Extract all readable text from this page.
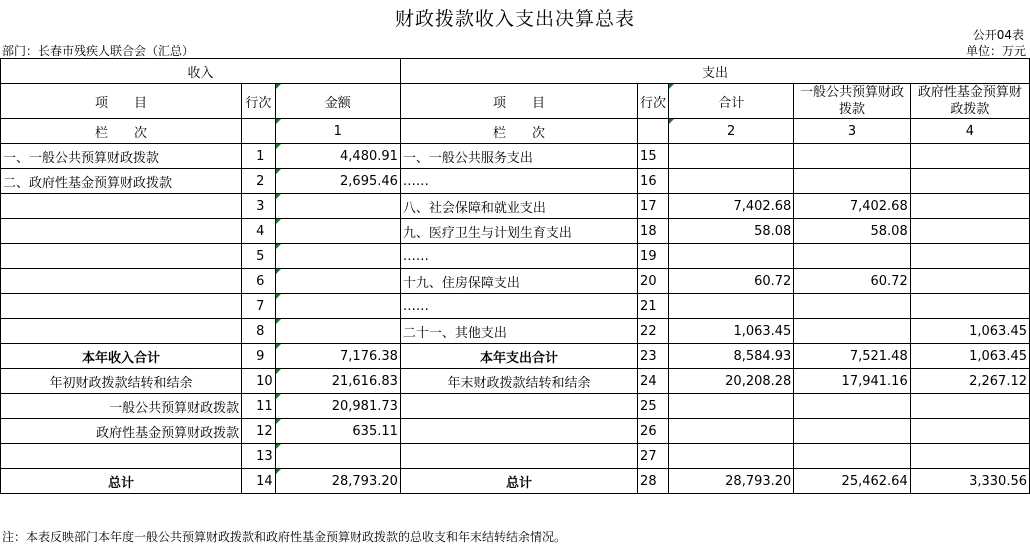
财政拨款收入支出决算总表
公开04表
部门：长春市残疾人联合会（汇总）	单位：万元
收入			支出				
项　　目	行次	金额	项　　目	行次	合计	一般公共预算财政拨款	政府性基金预算财政拨款
栏　　次		1	栏　　次		2	3	4
一、一般公共预算财政拨款	1	4,480.91	一、一般公共服务支出	15			
二、政府性基金预算财政拨款	2	2,695.46	……	16			
	3		八、社会保障和就业支出	17	7,402.68	7,402.68	
	4		九、医疗卫生与计划生育支出	18	58.08	58.08	
	5		……	19			
	6		十九、住房保障支出	20	60.72	60.72	
	7		……	21			
	8		二十一、其他支出	22	1,063.45		1,063.45
本年收入合计	9	7,176.38	本年支出合计	23	8,584.93	7,521.48	1,063.45
年初财政拨款结转和结余	10	21,616.83	年末财政拨款结转和结余	24	20,208.28	17,941.16	2,267.12
一般公共预算财政拨款	11	20,981.73		25			
政府性基金预算财政拨款	12	635.11		26			
	13			27			
总计	14	28,793.20	总计	28	28,793.20	25,462.64	3,330.56
注：本表反映部门本年度一般公共预算财政拨款和政府性基金预算财政拨款的总收支和年末结转结余情况。
